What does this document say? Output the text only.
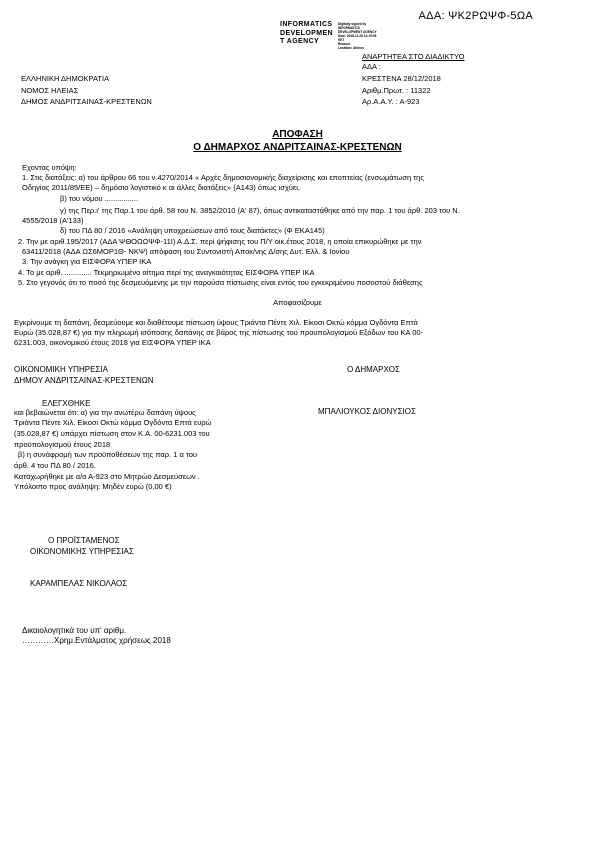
ΑΔΑ: ΨΚ2ΡΩΨΦ-5ΩΑ
INFORMATICS
DEVELOPMEN
T AGENCY
Digitally signed by
INFORMATICS
DEVELOPMENT AGENCY
Date: 2018.12.28 14:19:09
EET
Reason:
Location: Athens
ΑΝΑΡΤΗΤΕΑ ΣΤΟ ΔΙΑΔΙΚΤΥΟ
ΑΔΑ :
ΕΛΛΗΝΙΚΗ ΔΗΜΟΚΡΑΤΙΑ
ΝΟΜΟΣ ΗΛΕΙΑΣ
ΔΗΜΟΣ ΑΝΔΡΙΤΣΑΙΝΑΣ-ΚΡΕΣΤΕΝΩΝ
ΚΡΕΣΤΕΝΑ 28/12/2018
Αριθμ.Πρωτ. : 11322
Αρ.Α.Α.Υ. : Α-923
ΑΠΟΦΑΣΗ
Ο ΔΗΜΑΡΧΟΣ ΑΝΔΡΙΤΣΑΙΝΑΣ-ΚΡΕΣΤΕΝΩΝ
Εχοντας υπόψη:
1. Στις διατάξεις: α) του άρθρου 66 του ν.4270/2014 « Αρχές δημοσιονομικής διαχείρισης και εποπτείας (ενσωμάτωση της
Οδηγίας 2011/85/ΕΕ) – δημόσιο λογιστικό κ αι άλλες διατάξεις» (Α143) όπως ισχύει,
β) του νόμου ................
γ) της Περ.ι' της Παρ.1 του άρθ. 58 του Ν. 3852/2010 (Α' 87), όπως αντικαταστάθηκε από την παρ. 1 του άρθ. 203 του Ν.
4555/2018 (Α'133)
δ) του ΠΔ 80 / 2016 «Ανάληψη υποχρεώσεων από τους διατάκτες» (Φ ΕΚΑ145)
2. Την με αριθ.195/2017 (ΑΔΑ ΨΘΟΩΩΨΦ-11Ι) Α.Δ.Σ. περί ψήφισης του Π/Υ οικ.έτους 2018, η οποία επικυρώθηκε με την
63411/2018 (ΑΔΑ ΩΣ6ΜΟΡ1Θ- ΝΚΨ) απόφαση του Συντονιστή Αποκ/νης Δ/σης Δυτ. Ελλ. & Ιονίου
3. Την ανάγκη για ΕΙΣΦΟΡΑ ΥΠΕΡ ΙΚΑ
4. Το με αριθ. ............. Τεκμηριωμένο αίτημα περί της αναγκαιότητας ΕΙΣΦΟΡΑ ΥΠΕΡ ΙΚΑ
5. Στο γεγονός ότι το ποσό της δεσμευόμενης με την παρούσα πίστωσης είναι εντός του εγκεκριμένου ποσοστού διάθεσης
Αποφασίζουμε
Εγκρίνουμε τη δαπάνη, δεσμεύουμε και διαθέτουμε πίστωση ύψους Τριάντα Πέντε Χιλ. Είκοσι Οκτώ κόμμα Ογδόντα Επτά
Ευρώ (35.028,87 €) για την πληρωμή ισόποσης δαπάνης σε βάρος της πίστωσης του προυπολογισμού Εξόδων του ΚΑ 00-
6231.003, οικονομικού έτους 2018 για ΕΙΣΦΟΡΑ ΥΠΕΡ ΙΚΑ
ΟΙΚΟΝΟΜΙΚΗ ΥΠΗΡΕΣΙΑ
ΔΗΜΟΥ ΑΝΔΡΙΤΣΑΙΝΑΣ-ΚΡΕΣΤΕΝΩΝ
Ο ΔΗΜΑΡΧΟΣ
ΕΛΕΓΧΘΗΚΕ
ΜΠΑΛΙΟΥΚΟΣ ΔΙΟΝΥΣΙΟΣ
και βεβαιώνεται ότι: α) για την ανωτέρω δαπάνη ύψους
Τριάντα Πέντε Χιλ. Είκοσι Οκτώ κόμμα Ογδόντα Επτά ευρώ
(35.028,87 €) υπάρχει πίστωση στον Κ.Α. 00-6231.003 του
προϋπολογισμού έτους 2018
β) η συνάφρομή των προϋποθέσεων της παρ. 1 α του
άρθ. 4 του ΠΔ 80 / 2016.
Καταχωρήθηκε με α/α Α-923 στο Μητρώο Δεσμεύσεων .
Υπόλοιπο προς ανάληψη: Μηδέν ευρώ (0,00 €)
Ο ΠΡΟΪΣΤΑΜΕΝΟΣ
ΟΙΚΟΝΟΜΙΚΗΣ ΥΠΗΡΕΣΙΑΣ
ΚΑΡΑΜΠΕΛΑΣ ΝΙΚΟΛΑΟΣ
Δικαιολογητικά του υπ' αριθμ.
…………Χρημ.Εντάλματος χρήσεως 2018
